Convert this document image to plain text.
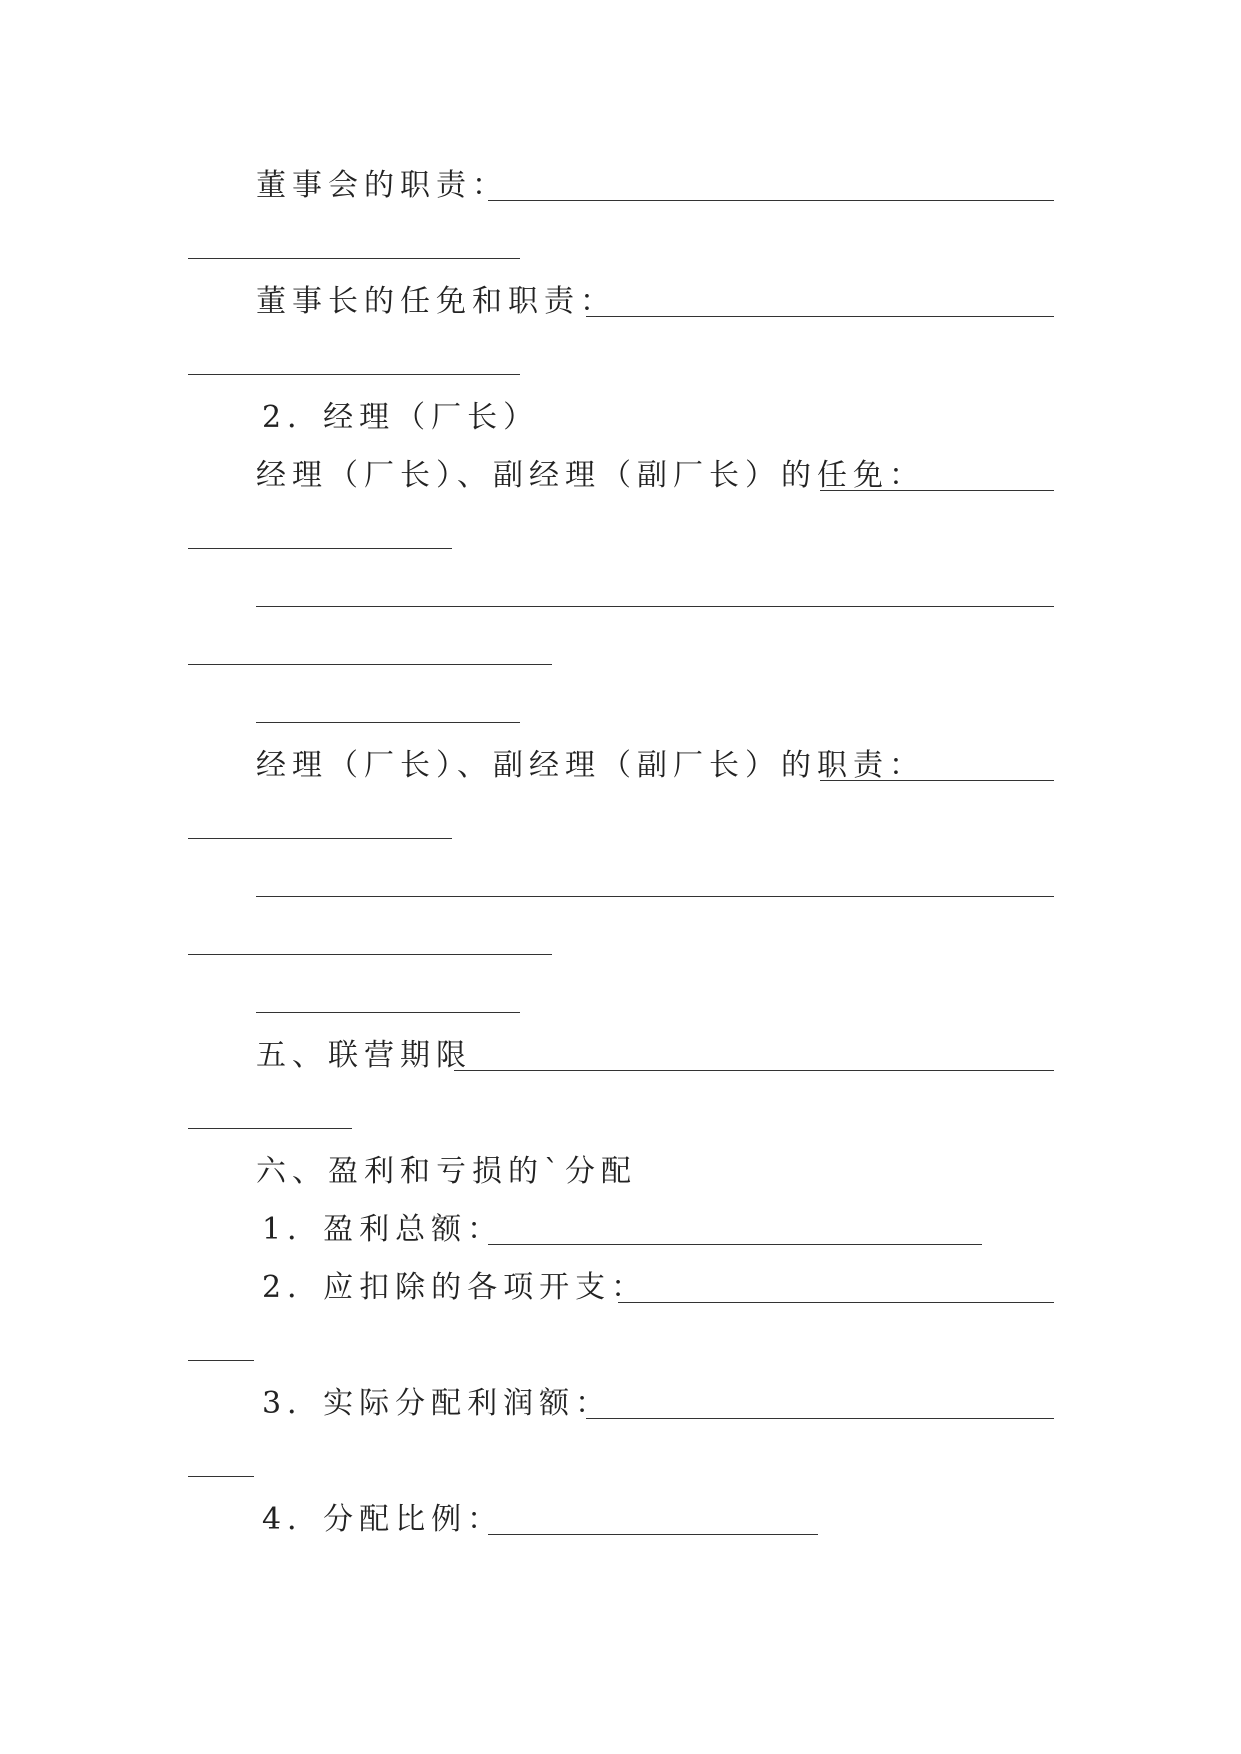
董事会的职责：
董事长的任免和职责：
2．经理（厂长）
经理（厂长）、副经理（副厂长）的任免：
经理（厂长）、副经理（副厂长）的职责：
五、联营期限
六、盈利和亏损的`分配
1．盈利总额：
2．应扣除的各项开支：
3．实际分配利润额：
4．分配比例：
